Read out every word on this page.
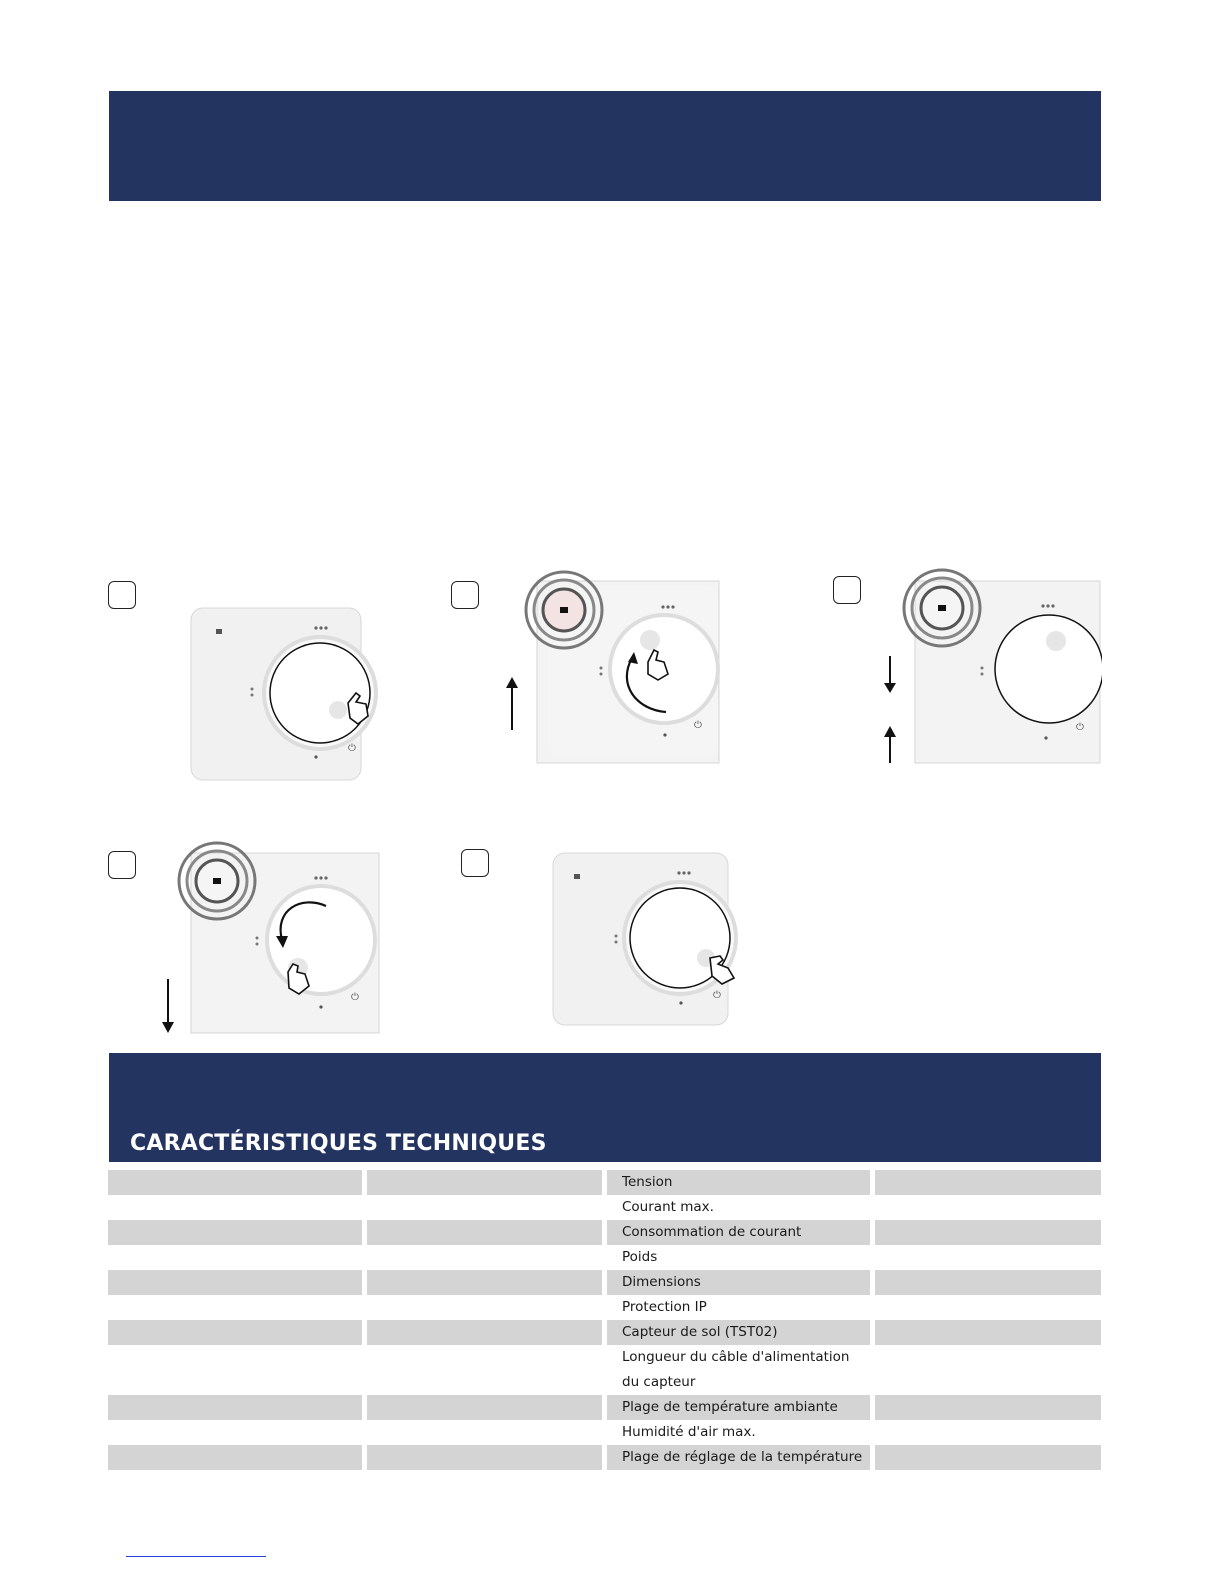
⏻
⏻	⏻
⏻	⏻
CARACTÉRISTIQUES TECHNIQUES
Tension
Courant max.
Consommation de courant
Poids
Dimensions
Protection IP
Capteur de sol (TST02)
Longueur du câble d'alimentation du capteur
Plage de température ambiante
Humidité d'air max.
Plage de réglage de la température
